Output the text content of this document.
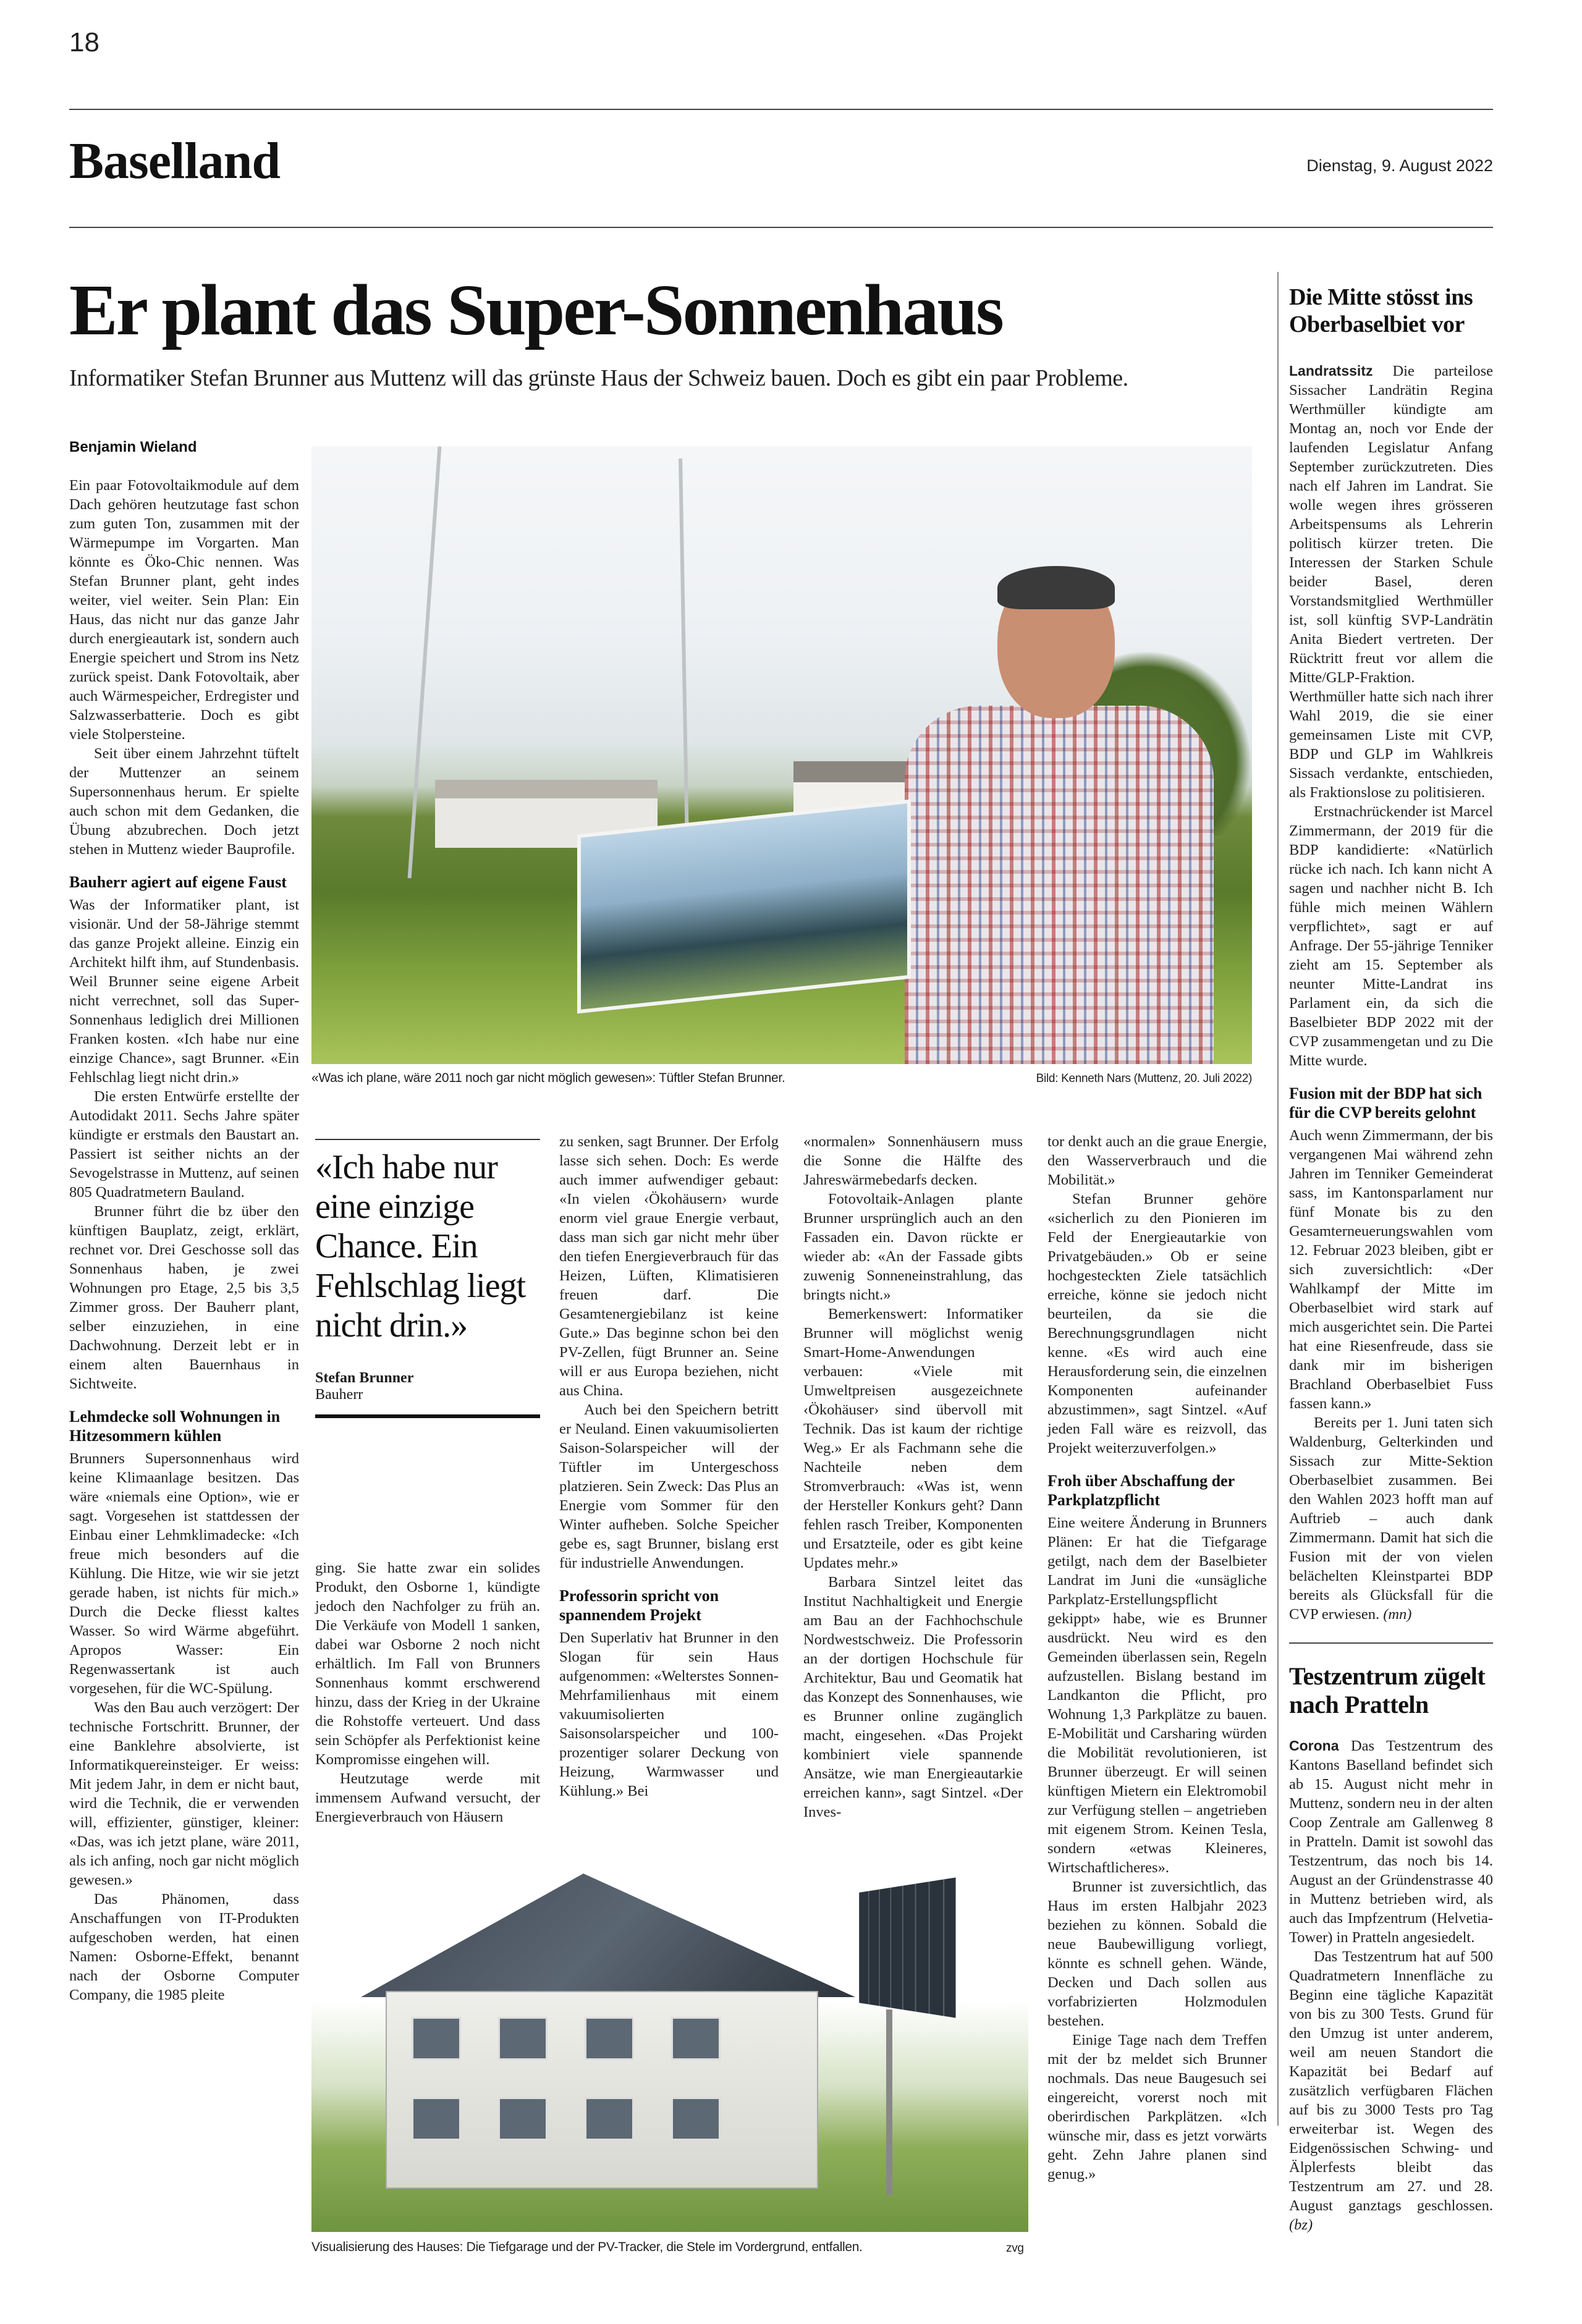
18
Baselland	Dienstag, 9. August 2022
Er plant das Super-Sonnenhaus
Informatiker Stefan Brunner aus Muttenz will das grünste Haus der Schweiz bauen. Doch es gibt ein paar Probleme.
Benjamin Wieland
«Was ich plane, wäre 2011 noch gar nicht möglich gewesen»: Tüftler Stefan Brunner.	Bild: Kenneth Nars (Muttenz, 20. Juli 2022)

Ein paar Fotovoltaikmodule auf dem Dach gehören heutzutage fast schon zum guten Ton, zusammen mit der Wärmepumpe im Vorgarten. Man könnte es Öko-Chic nennen. Was Stefan Brunner plant, geht indes weiter, viel weiter. Sein Plan: Ein Haus, das nicht nur das ganze Jahr durch energieautark ist, sondern auch Energie speichert und Strom ins Netz zurück speist. Dank Fotovoltaik, aber auch Wärmespeicher, Erdregister und Salzwasserbatterie. Doch es gibt viele Stolpersteine.

Seit über einem Jahrzehnt tüftelt der Muttenzer an seinem Supersonnenhaus herum. Er spielte auch schon mit dem Gedanken, die Übung abzubrechen. Doch jetzt stehen in Muttenz wieder Bauprofile.

Bauherr agiert auf eigene Faust

Was der Informatiker plant, ist visionär. Und der 58-Jährige stemmt das ganze Projekt alleine. Einzig ein Architekt hilft ihm, auf Stundenbasis. Weil Brunner seine eigene Arbeit nicht verrechnet, soll das Super-Sonnenhaus lediglich drei Millionen Franken kosten. «Ich habe nur eine einzige Chance», sagt Brunner. «Ein Fehlschlag liegt nicht drin.»

Die ersten Entwürfe erstellte der Autodidakt 2011. Sechs Jahre später kündigte er erstmals den Baustart an. Passiert ist seither nichts an der Sevogelstrasse in Muttenz, auf seinen 805 Quadratmetern Bauland.

Brunner führt die bz über den künftigen Bauplatz, zeigt, erklärt, rechnet vor. Drei Geschosse soll das Sonnenhaus haben, je zwei Wohnungen pro Etage, 2,5 bis 3,5 Zimmer gross. Der Bauherr plant, selber einzuziehen, in eine Dachwohnung. Derzeit lebt er in einem alten Bauernhaus in Sichtweite.

Lehmdecke soll Wohnungen in Hitzesommern kühlen

Brunners Supersonnenhaus wird keine Klimaanlage besitzen. Das wäre «niemals eine Option», wie er sagt. Vorgesehen ist stattdessen der Einbau einer Lehmklimadecke: «Ich freue mich besonders auf die Kühlung. Die Hitze, wie wir sie jetzt gerade haben, ist nichts für mich.» Durch die Decke fliesst kaltes Wasser. So wird Wärme abgeführt. Apropos Wasser: Ein Regenwassertank ist auch vorgesehen, für die WC-Spülung.

Was den Bau auch verzögert: Der technische Fortschritt. Brunner, der eine Banklehre absolvierte, ist Informatikquereinsteiger. Er weiss: Mit jedem Jahr, in dem er nicht baut, wird die Technik, die er verwenden will, effizienter, günstiger, kleiner: «Das, was ich jetzt plane, wäre 2011, als ich anfing, noch gar nicht möglich gewesen.»

Das Phänomen, dass Anschaffungen von IT-Produkten aufgeschoben werden, hat einen Namen: Osborne-Effekt, benannt nach der Osborne Computer Company, die 1985 pleite

«Ich habe nur eine einzige Chance. Ein Fehlschlag liegt nicht drin.»
Stefan Brunner
Bauherr

ging. Sie hatte zwar ein solides Produkt, den Osborne 1, kündigte jedoch den Nachfolger zu früh an. Die Verkäufe von Modell 1 sanken, dabei war Osborne 2 noch nicht erhältlich. Im Fall von Brunners Sonnenhaus kommt erschwerend hinzu, dass der Krieg in der Ukraine die Rohstoffe verteuert. Und dass sein Schöpfer als Perfektionist keine Kompromisse eingehen will.

Heutzutage werde mit immensem Aufwand versucht, der Energieverbrauch von Häusern

zu senken, sagt Brunner. Der Erfolg lasse sich sehen. Doch: Es werde auch immer aufwendiger gebaut: «In vielen ‹Ökohäusern› wurde enorm viel graue Energie verbaut, dass man sich gar nicht mehr über den tiefen Energieverbrauch für das Heizen, Lüften, Klimatisieren freuen darf. Die Gesamtenergiebilanz ist keine Gute.» Das beginne schon bei den PV-Zellen, fügt Brunner an. Seine will er aus Europa beziehen, nicht aus China.

Auch bei den Speichern betritt er Neuland. Einen vakuumisolierten Saison-Solarspeicher will der Tüftler im Untergeschoss platzieren. Sein Zweck: Das Plus an Energie vom Sommer für den Winter aufheben. Solche Speicher gebe es, sagt Brunner, bislang erst für industrielle Anwendungen.

Professorin spricht von spannendem Projekt

Den Superlativ hat Brunner in den Slogan für sein Haus aufgenommen: «Welterstes Sonnen-Mehrfamilienhaus mit einem vakuumisolierten Saisonsolarspeicher und 100-prozentiger solarer Deckung von Heizung, Warmwasser und Kühlung.» Bei

«normalen» Sonnenhäusern muss die Sonne die Hälfte des Jahreswärmebedarfs decken.

Fotovoltaik-Anlagen plante Brunner ursprünglich auch an den Fassaden ein. Davon rückte er wieder ab: «An der Fassade gibts zuwenig Sonneneinstrahlung, das bringts nicht.»

Bemerkenswert: Informatiker Brunner will möglichst wenig Smart-Home-Anwendungen verbauen: «Viele mit Umweltpreisen ausgezeichnete ‹Ökohäuser› sind übervoll mit Technik. Das ist kaum der richtige Weg.» Er als Fachmann sehe die Nachteile neben dem Stromverbrauch: «Was ist, wenn der Hersteller Konkurs geht? Dann fehlen rasch Treiber, Komponenten und Ersatzteile, oder es gibt keine Updates mehr.»

Barbara Sintzel leitet das Institut Nachhaltigkeit und Energie am Bau an der Fachhochschule Nordwestschweiz. Die Professorin an der dortigen Hochschule für Architektur, Bau und Geomatik hat das Konzept des Sonnenhauses, wie es Brunner online zugänglich macht, eingesehen. «Das Projekt kombiniert viele spannende Ansätze, wie man Energieautarkie erreichen kann», sagt Sintzel. «Der Inves-

tor denkt auch an die graue Energie, den Wasserverbrauch und die Mobilität.»

Stefan Brunner gehöre «sicherlich zu den Pionieren im Feld der Energieautarkie von Privatgebäuden.» Ob er seine hochgesteckten Ziele tatsächlich erreiche, könne sie jedoch nicht beurteilen, da sie die Berechnungsgrundlagen nicht kenne. «Es wird auch eine Herausforderung sein, die einzelnen Komponenten aufeinander abzustimmen», sagt Sintzel. «Auf jeden Fall wäre es reizvoll, das Projekt weiterzuverfolgen.»

Froh über Abschaffung der Parkplatzpflicht

Eine weitere Änderung in Brunners Plänen: Er hat die Tiefgarage getilgt, nach dem der Baselbieter Landrat im Juni die «unsägliche Parkplatz-Erstellungspflicht gekippt» habe, wie es Brunner ausdrückt. Neu wird es den Gemeinden überlassen sein, Regeln aufzustellen. Bislang bestand im Landkanton die Pflicht, pro Wohnung 1,3 Parkplätze zu bauen. E-Mobilität und Carsharing würden die Mobilität revolutionieren, ist Brunner überzeugt. Er will seinen künftigen Mietern ein Elektromobil zur Verfügung stellen – angetrieben mit eigenem Strom. Keinen Tesla, sondern «etwas Kleineres, Wirtschaftlicheres».

Brunner ist zuversichtlich, das Haus im ersten Halbjahr 2023 beziehen zu können. Sobald die neue Baubewilligung vorliegt, könnte es schnell gehen. Wände, Decken und Dach sollen aus vorfabrizierten Holzmodulen bestehen.

Einige Tage nach dem Treffen mit der bz meldet sich Brunner nochmals. Das neue Baugesuch sei eingereicht, vorerst noch mit oberirdischen Parkplätzen. «Ich wünsche mir, dass es jetzt vorwärts geht. Zehn Jahre planen sind genug.»

Visualisierung des Hauses: Die Tiefgarage und der PV-Tracker, die Stele im Vordergrund, entfallen.	zvg
Die Mitte stösst ins Oberbaselbiet vor

Landratssitz Die parteilose Sissacher Landrätin Regina Werthmüller kündigte am Montag an, noch vor Ende der laufenden Legislatur Anfang September zurückzutreten. Dies nach elf Jahren im Landrat. Sie wolle wegen ihres grösseren Arbeitspensums als Lehrerin politisch kürzer treten. Die Interessen der Starken Schule beider Basel, deren Vorstandsmitglied Werthmüller ist, soll künftig SVP-Landrätin Anita Biedert vertreten. Der Rücktritt freut vor allem die Mitte/GLP-Fraktion. Werthmüller hatte sich nach ihrer Wahl 2019, die sie einer gemeinsamen Liste mit CVP, BDP und GLP im Wahlkreis Sissach verdankte, entschieden, als Fraktionslose zu politisieren.

Erstnachrückender ist Marcel Zimmermann, der 2019 für die BDP kandidierte: «Natürlich rücke ich nach. Ich kann nicht A sagen und nachher nicht B. Ich fühle mich meinen Wählern verpflichtet», sagt er auf Anfrage. Der 55-jährige Tenniker zieht am 15. September als neunter Mitte-Landrat ins Parlament ein, da sich die Baselbieter BDP 2022 mit der CVP zusammengetan und zu Die Mitte wurde.

Fusion mit der BDP hat sich für die CVP bereits gelohnt

Auch wenn Zimmermann, der bis vergangenen Mai während zehn Jahren im Tenniker Gemeinderat sass, im Kantonsparlament nur fünf Monate bis zu den Gesamterneuerungswahlen vom 12. Februar 2023 bleiben, gibt er sich zuversichtlich: «Der Wahlkampf der Mitte im Oberbaselbiet wird stark auf mich ausgerichtet sein. Die Partei hat eine Riesenfreude, dass sie dank mir im bisherigen Brachland Oberbaselbiet Fuss fassen kann.»

Bereits per 1. Juni taten sich Waldenburg, Gelterkinden und Sissach zur Mitte-Sektion Oberbaselbiet zusammen. Bei den Wahlen 2023 hofft man auf Auftrieb – auch dank Zimmermann. Damit hat sich die Fusion mit der von vielen belächelten Kleinstpartei BDP bereits als Glücksfall für die CVP erwiesen. (mn)

Testzentrum zügelt nach Pratteln

Corona Das Testzentrum des Kantons Baselland befindet sich ab 15. August nicht mehr in Muttenz, sondern neu in der alten Coop Zentrale am Gallenweg 8 in Pratteln. Damit ist sowohl das Testzentrum, das noch bis 14. August an der Gründenstrasse 40 in Muttenz betrieben wird, als auch das Impfzentrum (Helvetia-Tower) in Pratteln angesiedelt.

Das Testzentrum hat auf 500 Quadratmetern Innenfläche zu Beginn eine tägliche Kapazität von bis zu 300 Tests. Grund für den Umzug ist unter anderem, weil am neuen Standort die Kapazität bei Bedarf auf zusätzlich verfügbaren Flächen auf bis zu 3000 Tests pro Tag erweiterbar ist. Wegen des Eidgenössischen Schwing- und Älplerfests bleibt das Testzentrum am 27. und 28. August ganztags geschlossen. (bz)
